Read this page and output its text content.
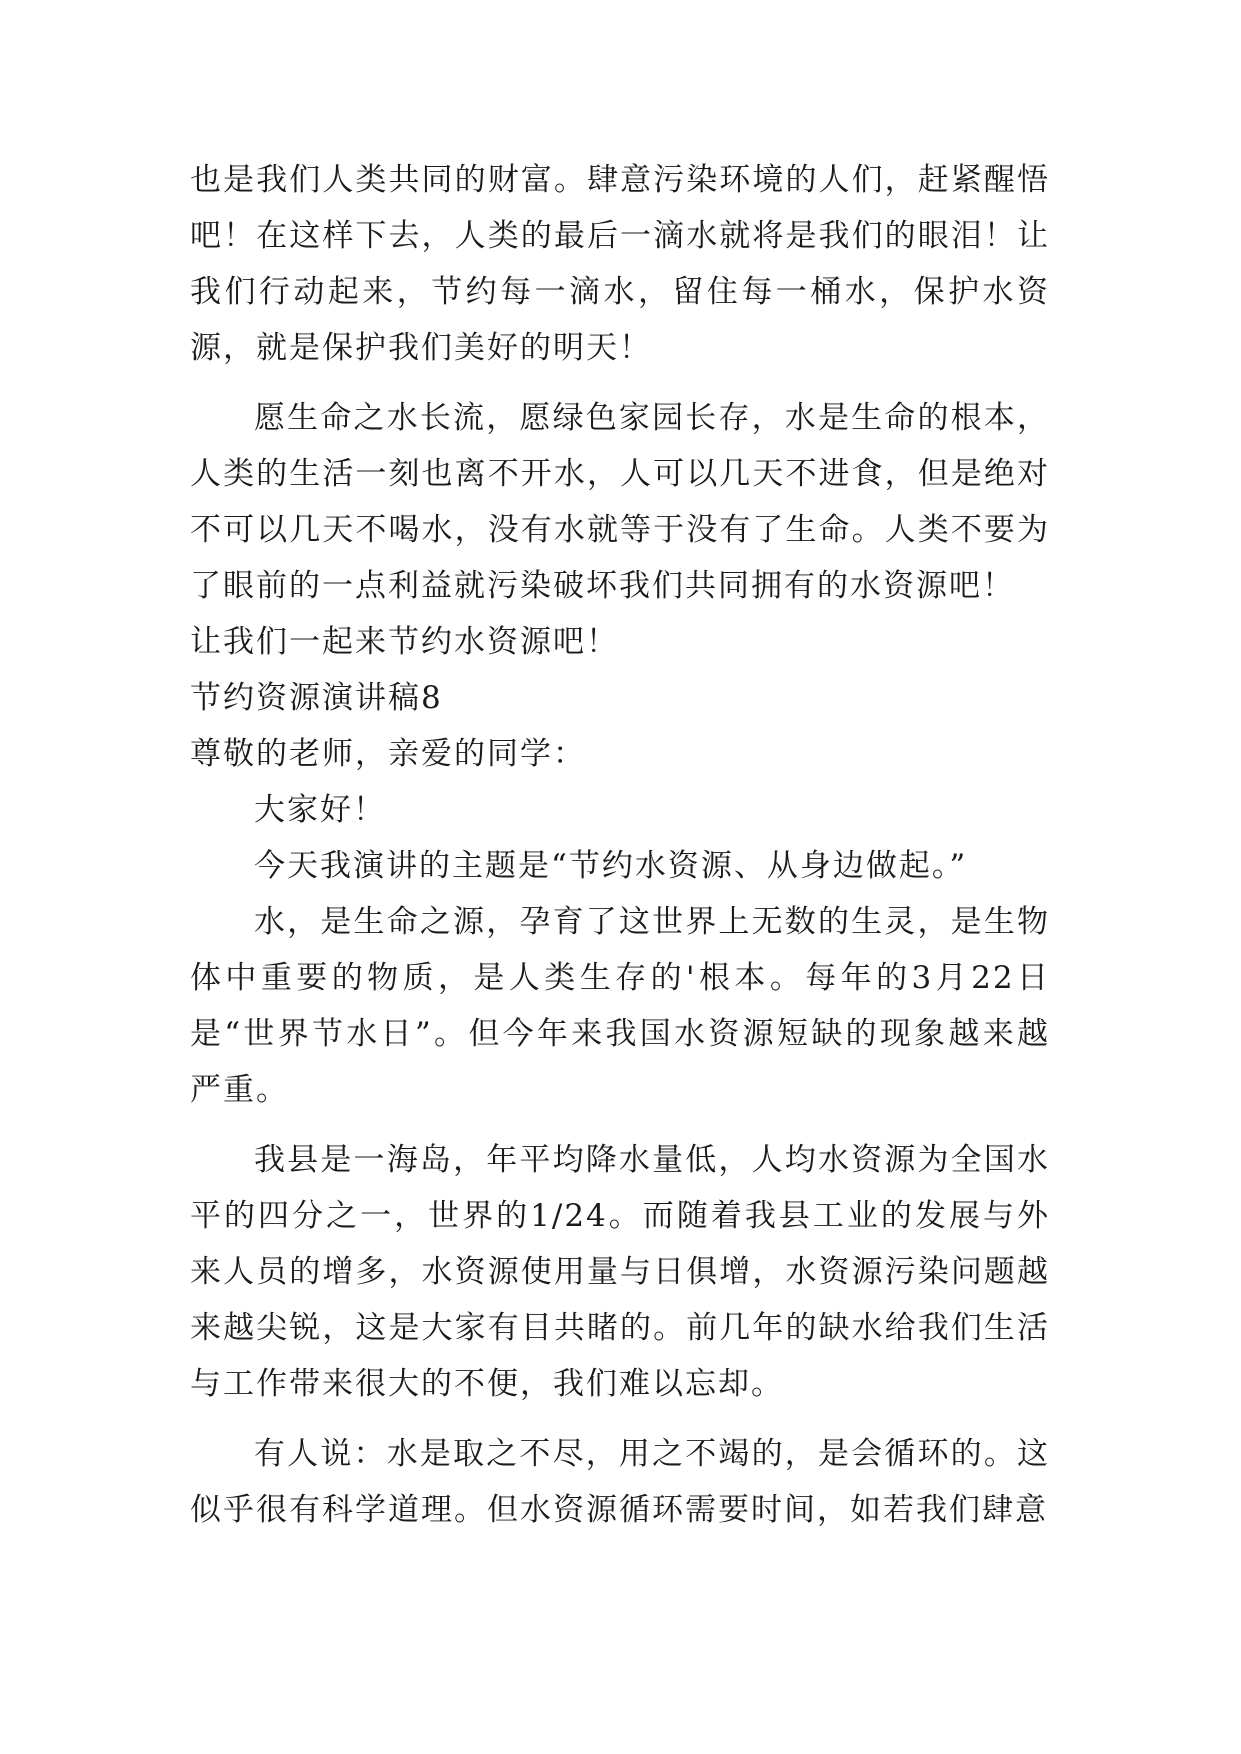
也是我们人类共同的财富。肆意污染环境的人们，赶紧醒悟吧！在这样下去，人类的最后一滴水就将是我们的眼泪！让我们行动起来，节约每一滴水，留住每一桶水，保护水资源，就是保护我们美好的明天！

愿生命之水长流，愿绿色家园长存，水是生命的根本，人类的生活一刻也离不开水，人可以几天不进食，但是绝对不可以几天不喝水，没有水就等于没有了生命。人类不要为了眼前的一点利益就污染破坏我们共同拥有的水资源吧！

让我们一起来节约水资源吧！

节约资源演讲稿8

尊敬的老师，亲爱的同学：

大家好！

今天我演讲的主题是“节约水资源、从身边做起。”

水，是生命之源，孕育了这世界上无数的生灵，是生物体中重要的物质，是人类生存的'根本。每年的3月22日是“世界节水日”。但今年来我国水资源短缺的现象越来越严重。

我县是一海岛，年平均降水量低，人均水资源为全国水平的四分之一，世界的1/24。而随着我县工业的发展与外来人员的增多，水资源使用量与日俱增，水资源污染问题越来越尖锐，这是大家有目共睹的。前几年的缺水给我们生活与工作带来很大的不便，我们难以忘却。

有人说：水是取之不尽，用之不竭的，是会循环的。这似乎很有科学道理。但水资源循环需要时间，如若我们肆意
